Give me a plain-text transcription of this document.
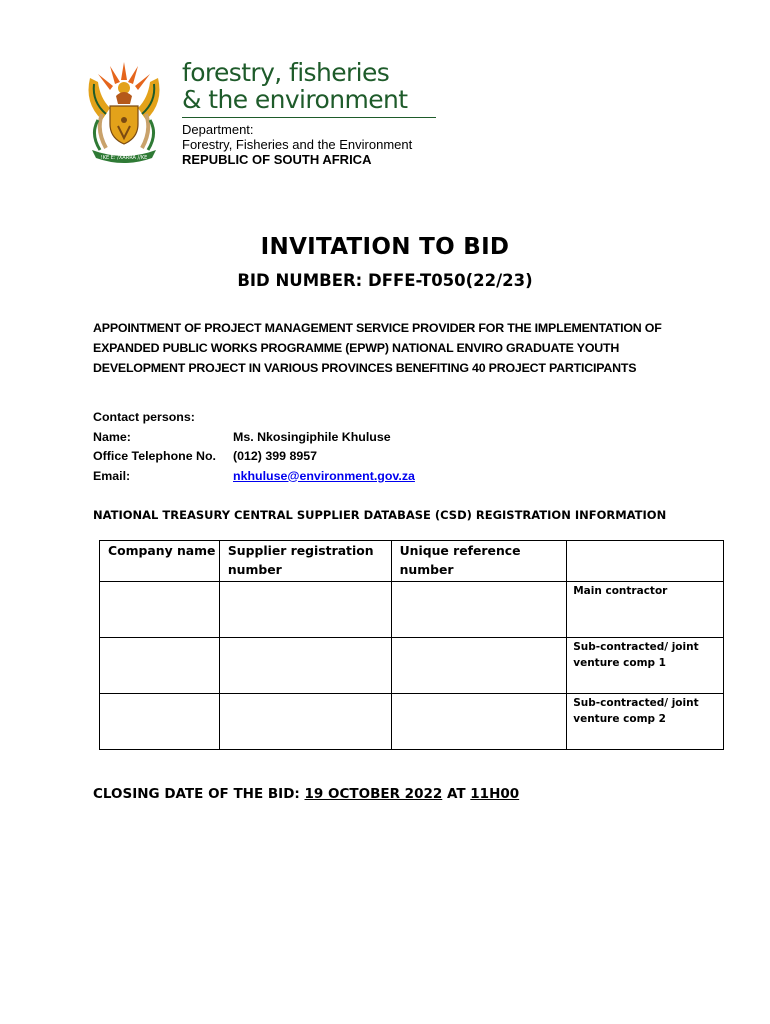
!KE E: /XARRA //KE
forestry, fisheries
& the environment
Department:
Forestry, Fisheries and the Environment
REPUBLIC OF SOUTH AFRICA
INVITATION TO BID
BID NUMBER: DFFE-T050(22/23)
APPOINTMENT OF PROJECT MANAGEMENT SERVICE PROVIDER FOR THE IMPLEMENTATION OF EXPANDED PUBLIC WORKS PROGRAMME (EPWP) NATIONAL ENVIRO GRADUATE YOUTH DEVELOPMENT PROJECT IN VARIOUS PROVINCES BENEFITING 40 PROJECT PARTICIPANTS
Contact persons:
Name:	Ms. Nkosingiphile Khuluse
Office Telephone No.	(012) 399 8957
Email:	nkhuluse@environment.gov.za
NATIONAL TREASURY CENTRAL SUPPLIER DATABASE (CSD) REGISTRATION INFORMATION
Company name	Supplier registration number	Unique reference number	
			Main contractor
			Sub-contracted/ joint venture comp 1
			Sub-contracted/ joint venture comp 2
CLOSING DATE OF THE BID: 19 OCTOBER 2022 AT 11H00
